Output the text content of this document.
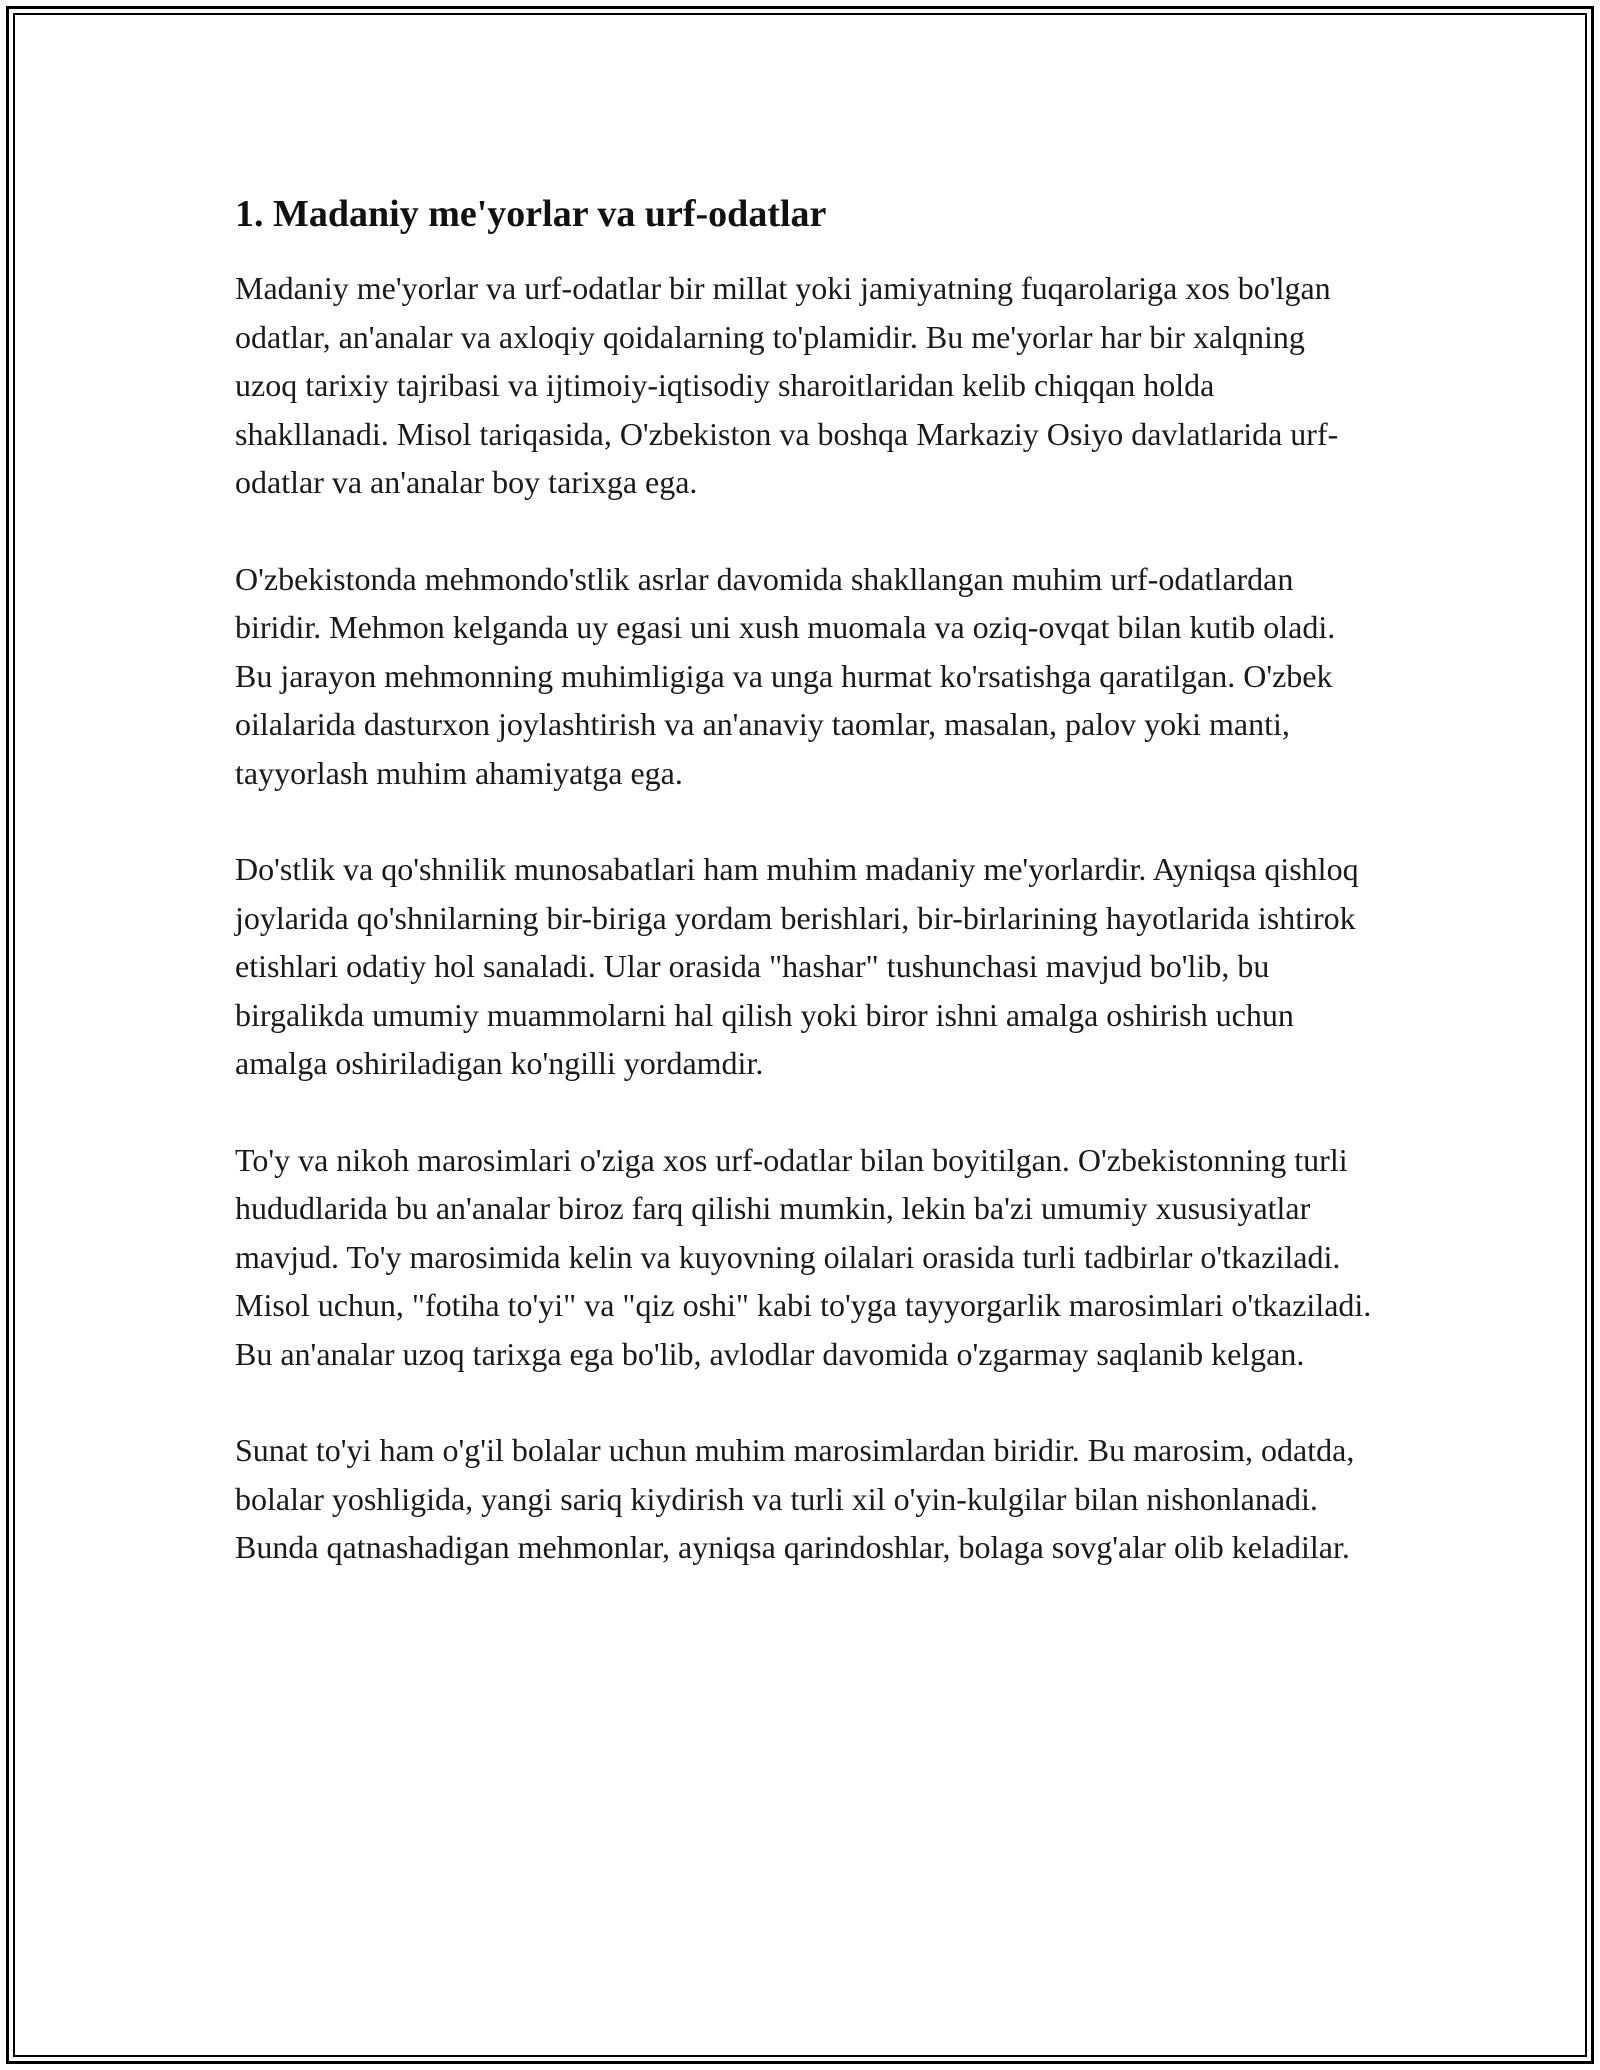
1. Madaniy me'yorlar va urf-odatlar

Madaniy me'yorlar va urf-odatlar bir millat yoki jamiyatning fuqarolariga xos bo'lgan odatlar, an'analar va axloqiy qoidalarning to'plamidir. Bu me'yorlar har bir xalqning uzoq tarixiy tajribasi va ijtimoiy-iqtisodiy sharoitlaridan kelib chiqqan holda shakllanadi. Misol tariqasida, O'zbekiston va boshqa Markaziy Osiyo davlatlarida urf-odatlar va an'analar boy tarixga ega.

O'zbekistonda mehmondo'stlik asrlar davomida shakllangan muhim urf-odatlardan biridir. Mehmon kelganda uy egasi uni xush muomala va oziq-ovqat bilan kutib oladi. Bu jarayon mehmonning muhimligiga va unga hurmat ko'rsatishga qaratilgan. O'zbek oilalarida dasturxon joylashtirish va an'anaviy taomlar, masalan, palov yoki manti, tayyorlash muhim ahamiyatga ega.

Do'stlik va qo'shnilik munosabatlari ham muhim madaniy me'yorlardir. Ayniqsa qishloq joylarida qo'shnilarning bir-biriga yordam berishlari, bir-birlarining hayotlarida ishtirok etishlari odatiy hol sanaladi. Ular orasida "hashar" tushunchasi mavjud bo'lib, bu birgalikda umumiy muammolarni hal qilish yoki biror ishni amalga oshirish uchun amalga oshiriladigan ko'ngilli yordamdir.

To'y va nikoh marosimlari o'ziga xos urf-odatlar bilan boyitilgan. O'zbekistonning turli hududlarida bu an'analar biroz farq qilishi mumkin, lekin ba'zi umumiy xususiyatlar mavjud. To'y marosimida kelin va kuyovning oilalari orasida turli tadbirlar o'tkaziladi. Misol uchun, "fotiha to'yi" va "qiz oshi" kabi to'yga tayyorgarlik marosimlari o'tkaziladi. Bu an'analar uzoq tarixga ega bo'lib, avlodlar davomida o'zgarmay saqlanib kelgan.

Sunat to'yi ham o'g'il bolalar uchun muhim marosimlardan biridir. Bu marosim, odatda, bolalar yoshligida, yangi sariq kiydirish va turli xil o'yin-kulgilar bilan nishonlanadi. Bunda qatnashadigan mehmonlar, ayniqsa qarindoshlar, bolaga sovg'alar olib keladilar.
